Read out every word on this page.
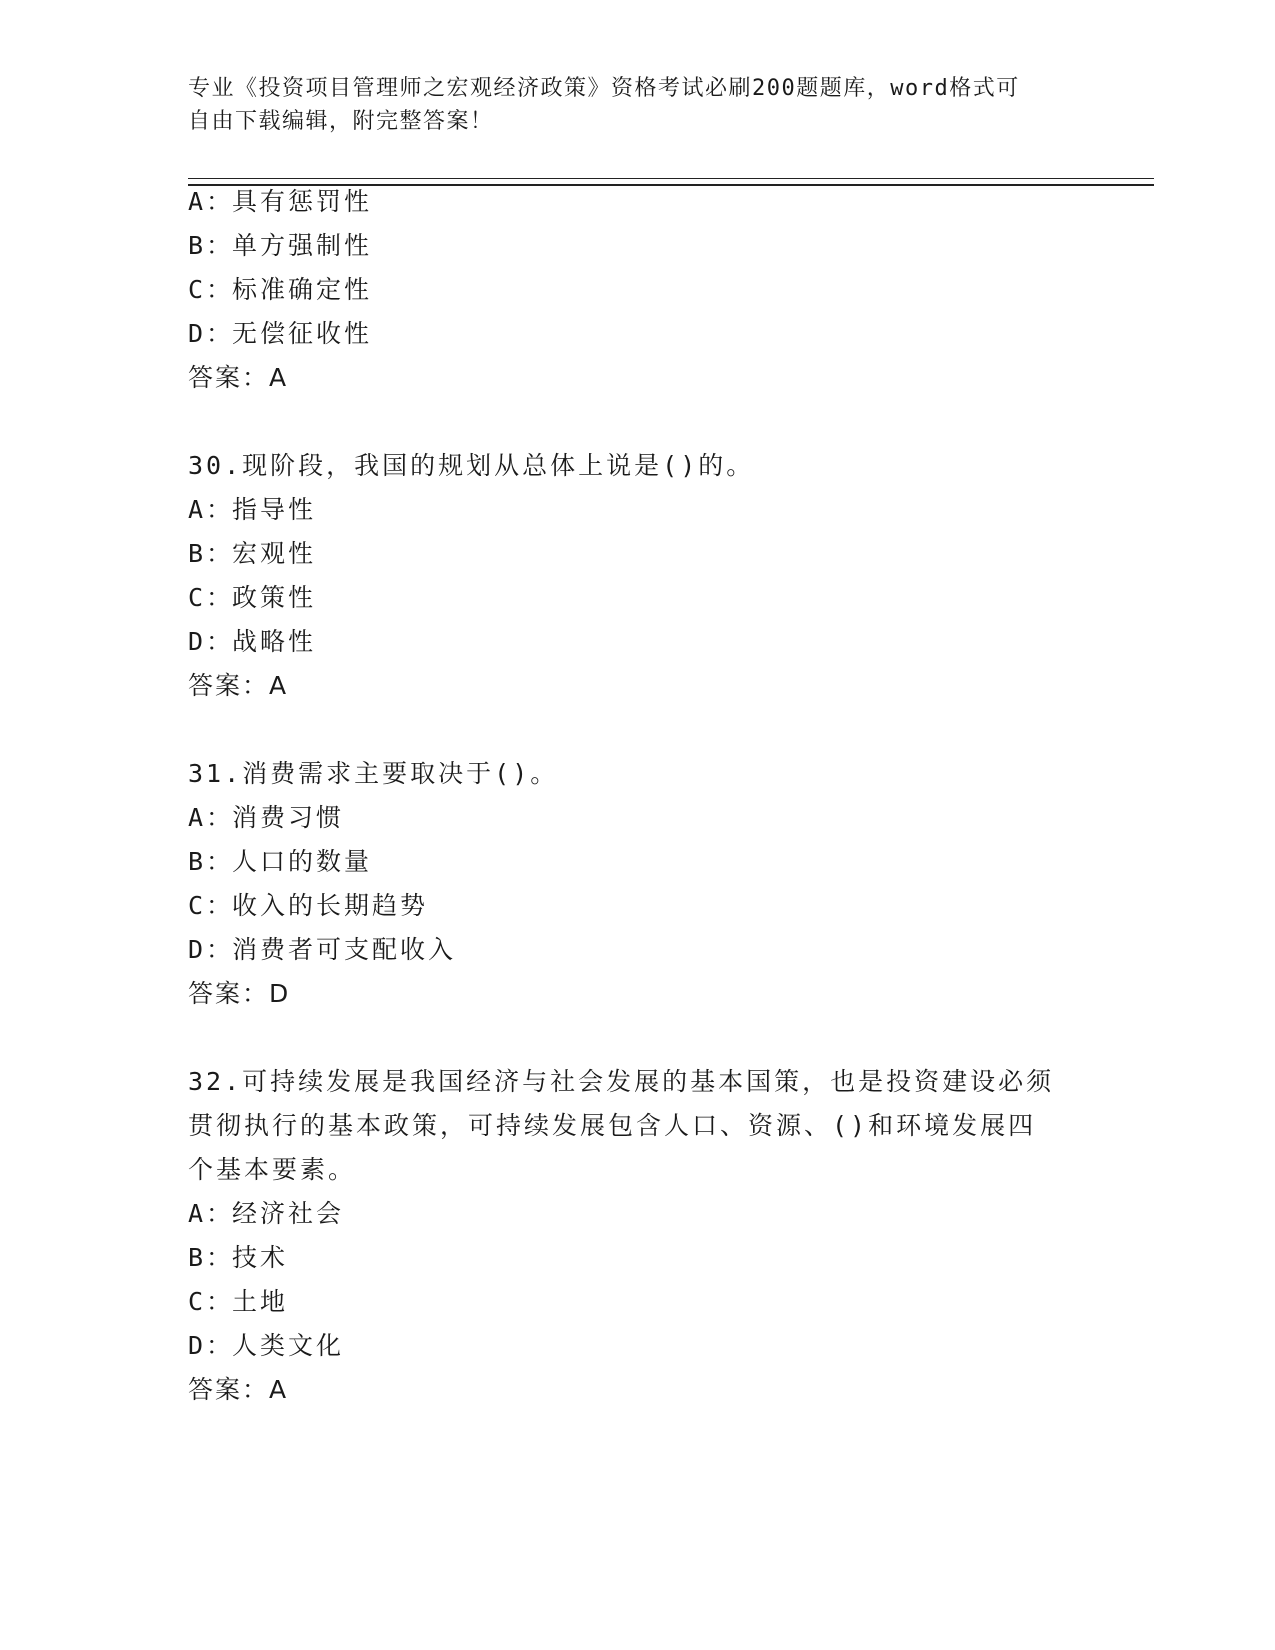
专业《投资项目管理师之宏观经济政策》资格考试必刷200题题库，word格式可
自由下载编辑，附完整答案！
A：具有惩罚性
B：单方强制性
C：标准确定性
D：无偿征收性
答案：A
30.现阶段，我国的规划从总体上说是()的。
A：指导性
B：宏观性
C：政策性
D：战略性
答案：A
31.消费需求主要取决于()。
A：消费习惯
B：人口的数量
C：收入的长期趋势
D：消费者可支配收入
答案：D
32.可持续发展是我国经济与社会发展的基本国策，也是投资建设必须
贯彻执行的基本政策，可持续发展包含人口、资源、()和环境发展四
个基本要素。
A：经济社会
B：技术
C：土地
D：人类文化
答案：A
